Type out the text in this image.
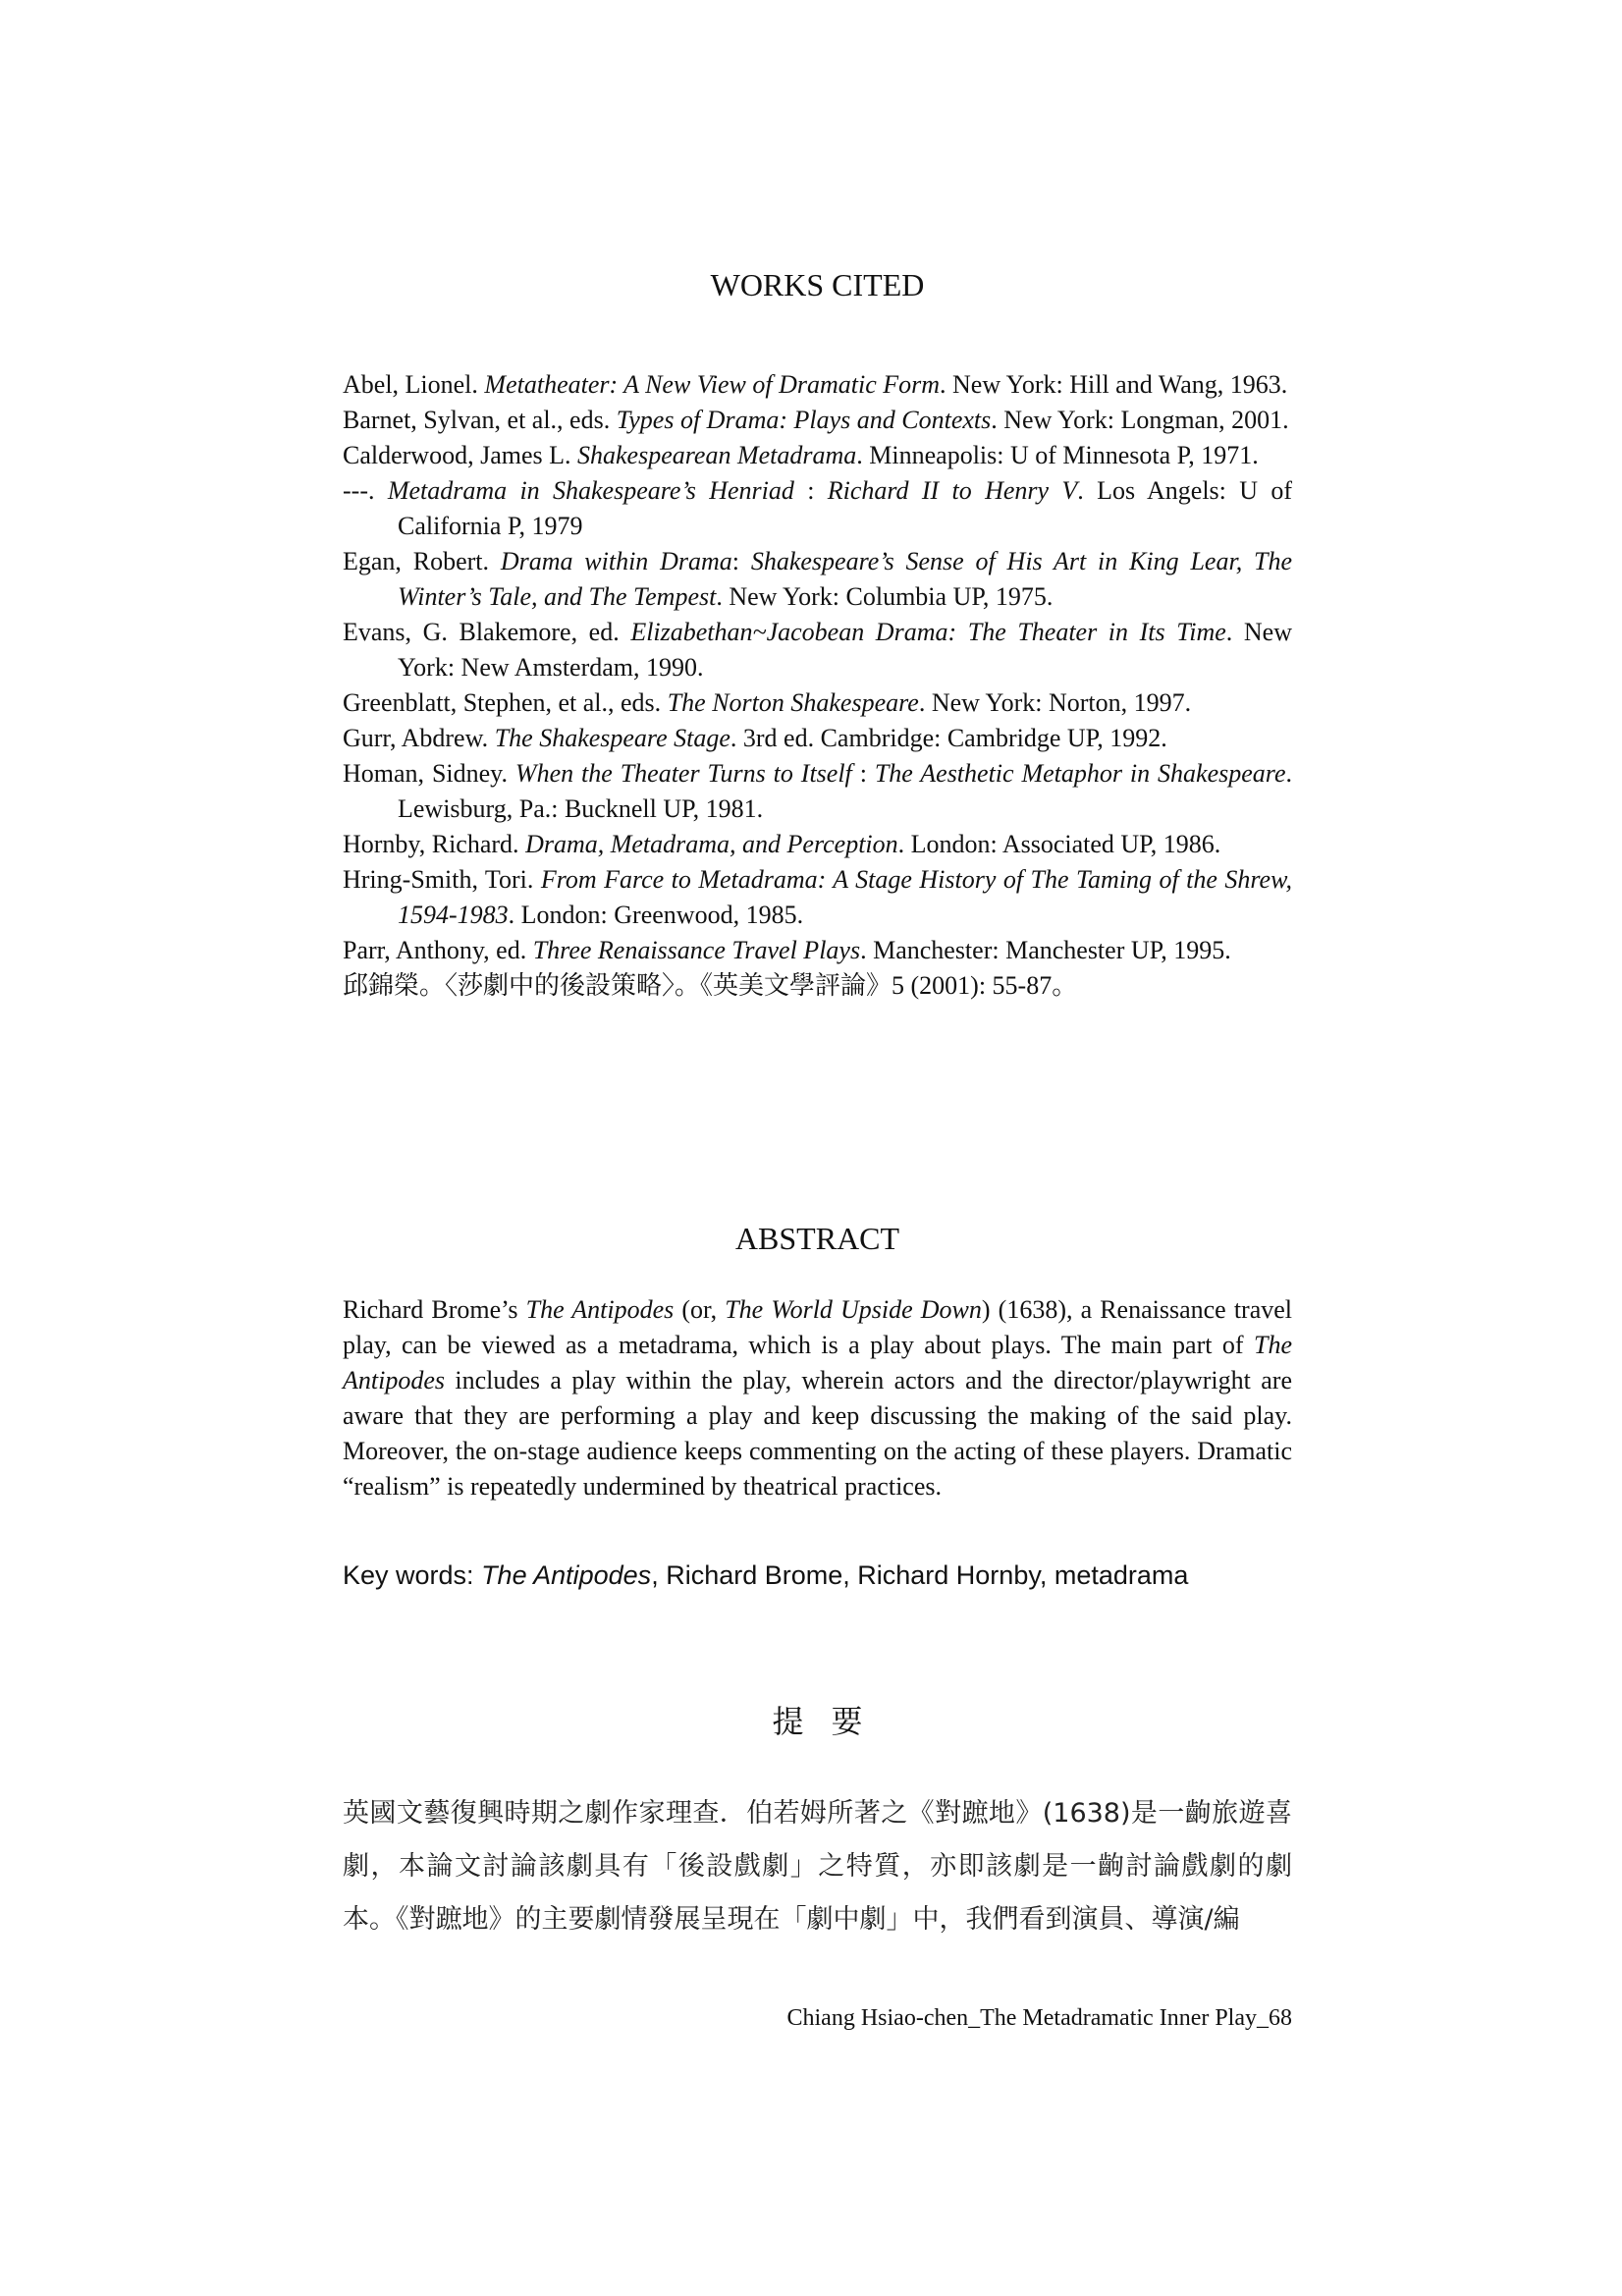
WORKS CITED

Abel, Lionel. Metatheater: A New View of Dramatic Form. New York: Hill and Wang, 1963.

Barnet, Sylvan, et al., eds. Types of Drama: Plays and Contexts. New York: Longman, 2001.

Calderwood, James L. Shakespearean Metadrama. Minneapolis: U of Minnesota P, 1971.

---. Metadrama in Shakespeare’s Henriad : Richard II to Henry V. Los Angels: U of California P, 1979

Egan, Robert. Drama within Drama: Shakespeare’s Sense of His Art in King Lear, The Winter’s Tale, and The Tempest. New York: Columbia UP, 1975.

Evans, G. Blakemore, ed. Elizabethan~Jacobean Drama: The Theater in Its Time. New York: New Amsterdam, 1990.

Greenblatt, Stephen, et al., eds. The Norton Shakespeare. New York: Norton, 1997.

Gurr, Abdrew. The Shakespeare Stage. 3rd ed. Cambridge: Cambridge UP, 1992.

Homan, Sidney. When the Theater Turns to Itself : The Aesthetic Metaphor in Shakespeare. Lewisburg, Pa.: Bucknell UP, 1981.

Hornby, Richard. Drama, Metadrama, and Perception. London: Associated UP, 1986.

Hring-Smith, Tori. From Farce to Metadrama: A Stage History of The Taming of the Shrew, 1594-1983. London: Greenwood, 1985.

Parr, Anthony, ed. Three Renaissance Travel Plays. Manchester: Manchester UP, 1995.

邱錦榮。〈莎劇中的後設策略〉。《英美文學評論》5 (2001): 55-87。

ABSTRACT

Richard Brome’s The Antipodes (or, The World Upside Down) (1638), a Renaissance travel play, can be viewed as a metadrama, which is a play about plays. The main part of The Antipodes includes a play within the play, wherein actors and the director/playwright are aware that they are performing a play and keep discussing the making of the said play. Moreover, the on-stage audience keeps commenting on the acting of these players. Dramatic “realism” is repeatedly undermined by theatrical practices.

Key words: The Antipodes, Richard Brome, Richard Hornby, metadrama

提要

英國文藝復興時期之劇作家理查．伯若姆所著之《對蹠地》(1638)是一齣旅遊喜劇，本論文討論該劇具有「後設戲劇」之特質，亦即該劇是一齣討論戲劇的劇本。《對蹠地》的主要劇情發展呈現在「劇中劇」中，我們看到演員、導演/編

Chiang Hsiao-chen_The Metadramatic Inner Play_68
